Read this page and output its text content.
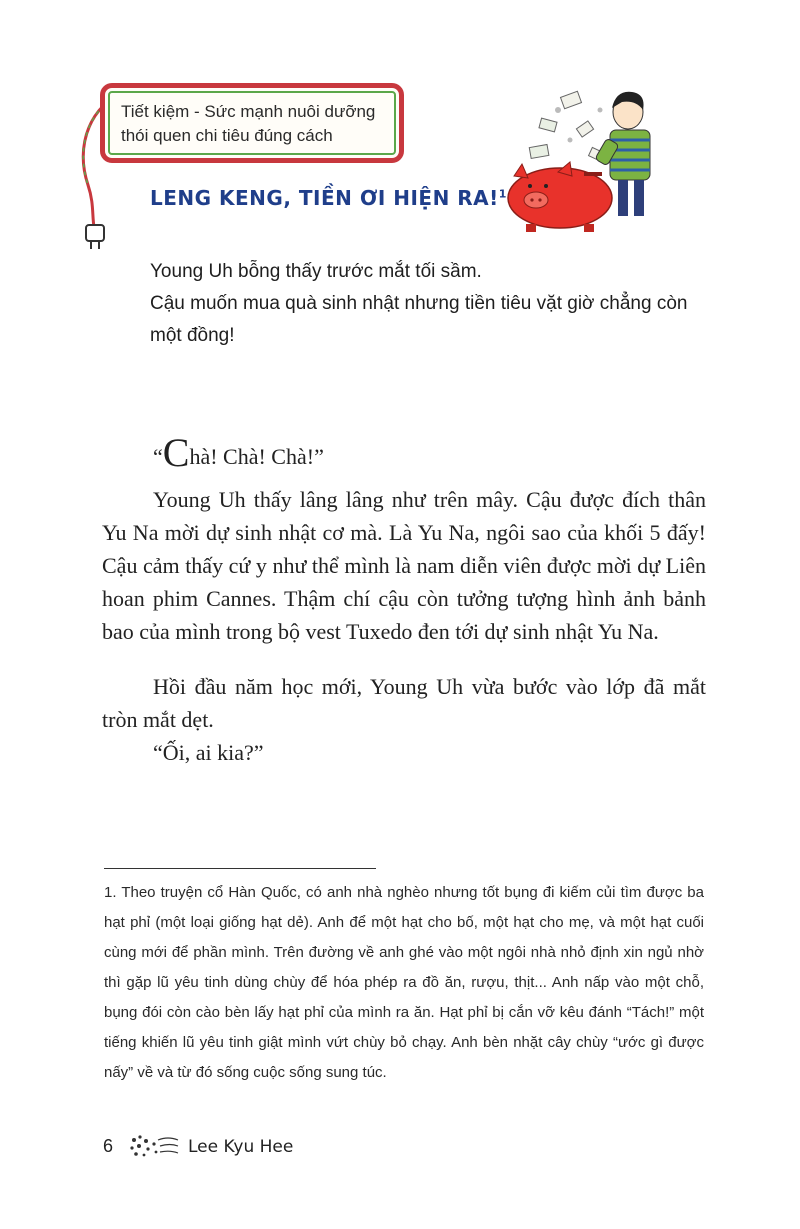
Tiết kiệm - Sức mạnh nuôi dưỡng
thói quen chi tiêu đúng cách
LENG KENG, TIỀN ƠI HIỆN RA!$^1$

Young Uh bỗng thấy trước mắt tối sầm.

Cậu muốn mua quà sinh nhật nhưng tiền tiêu vặt giờ chẳng còn một đồng!

“Chà! Chà! Chà!”

Young Uh thấy lâng lâng như trên mây. Cậu được đích thân Yu Na mời dự sinh nhật cơ mà. Là Yu Na, ngôi sao của khối 5 đấy! Cậu cảm thấy cứ y như thể mình là nam diễn viên được mời dự Liên hoan phim Cannes. Thậm chí cậu còn tưởng tượng hình ảnh bảnh bao của mình trong bộ vest Tuxedo đen tới dự sinh nhật Yu Na.

Hồi đầu năm học mới, Young Uh vừa bước vào lớp đã mắt tròn mắt dẹt.

“Ối, ai kia?”

1. Theo truyện cổ Hàn Quốc, có anh nhà nghèo nhưng tốt bụng đi kiếm củi tìm được ba hạt phỉ (một loại giống hạt dẻ). Anh để một hạt cho bố, một hạt cho mẹ, và một hạt cuối cùng mới để phần mình. Trên đường về anh ghé vào một ngôi nhà nhỏ định xin ngủ nhờ thì gặp lũ yêu tinh dùng chùy để hóa phép ra đồ ăn, rượu, thịt... Anh nấp vào một chỗ, bụng đói còn cào bèn lấy hạt phỉ của mình ra ăn. Hạt phỉ bị cắn vỡ kêu đánh “Tách!” một tiếng khiến lũ yêu tinh giật mình vứt chùy bỏ chạy. Anh bèn nhặt cây chùy “ước gì được nấy” về và từ đó sống cuộc sống sung túc.
6	Lee Kyu Hee
